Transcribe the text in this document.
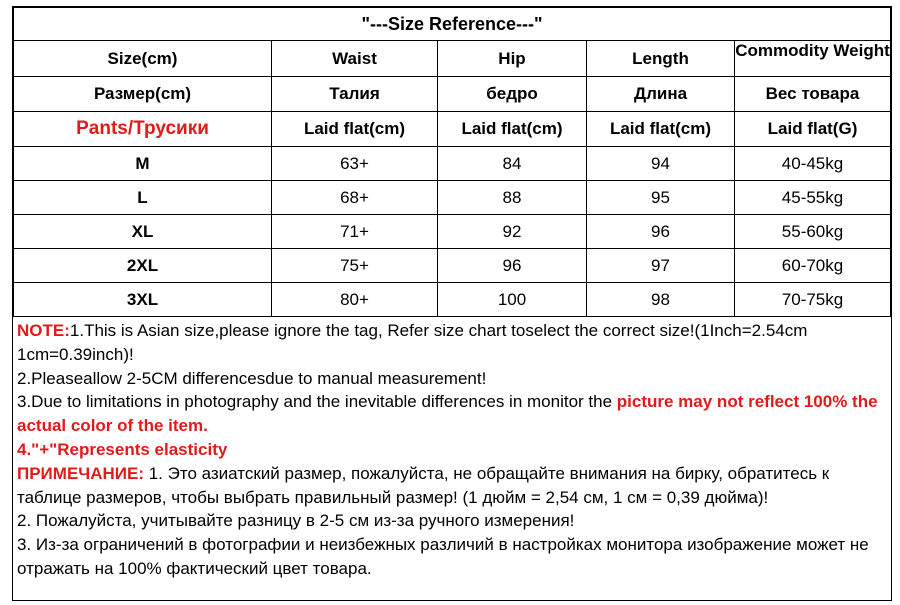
"---Size Reference---"				
Size(cm)	Waist	Hip	Length	Commodity Weight

Размер(cm)	Талия	бедро	Длина	Вес товара
Pants/Трусики	Laid flat(cm)	Laid flat(cm)	Laid flat(cm)	Laid flat(G)
M	63+	84	94	40-45kg
L	68+	88	95	45-55kg
XL	71+	92	96	55-60kg
2XL	75+	96	97	60-70kg
3XL	80+	100	98	70-75kg

NOTE:1.This is Asian size,please ignore the tag, Refer size chart toselect the correct size!(1Inch=2.54cm 1cm=0.39inch)!

2.Pleaseallow 2-5CM differencesdue to manual measurement!

3.Due to limitations in photography and the inevitable differences in monitor the picture may not reflect 100% the actual color of the item.

4."+"Represents elasticity

ПРИМЕЧАНИЕ: 1. Это азиатский размер, пожалуйста, не обращайте внимания на бирку, обратитесь к таблице размеров, чтобы выбрать правильный размер! (1 дюйм = 2,54 см, 1 см = 0,39 дюйма)!

2. Пожалуйста, учитывайте разницу в 2-5 см из-за ручного измерения!

3. Из-за ограничений в фотографии и неизбежных различий в настройках монитора изображение может не отражать на 100% фактический цвет товара.
